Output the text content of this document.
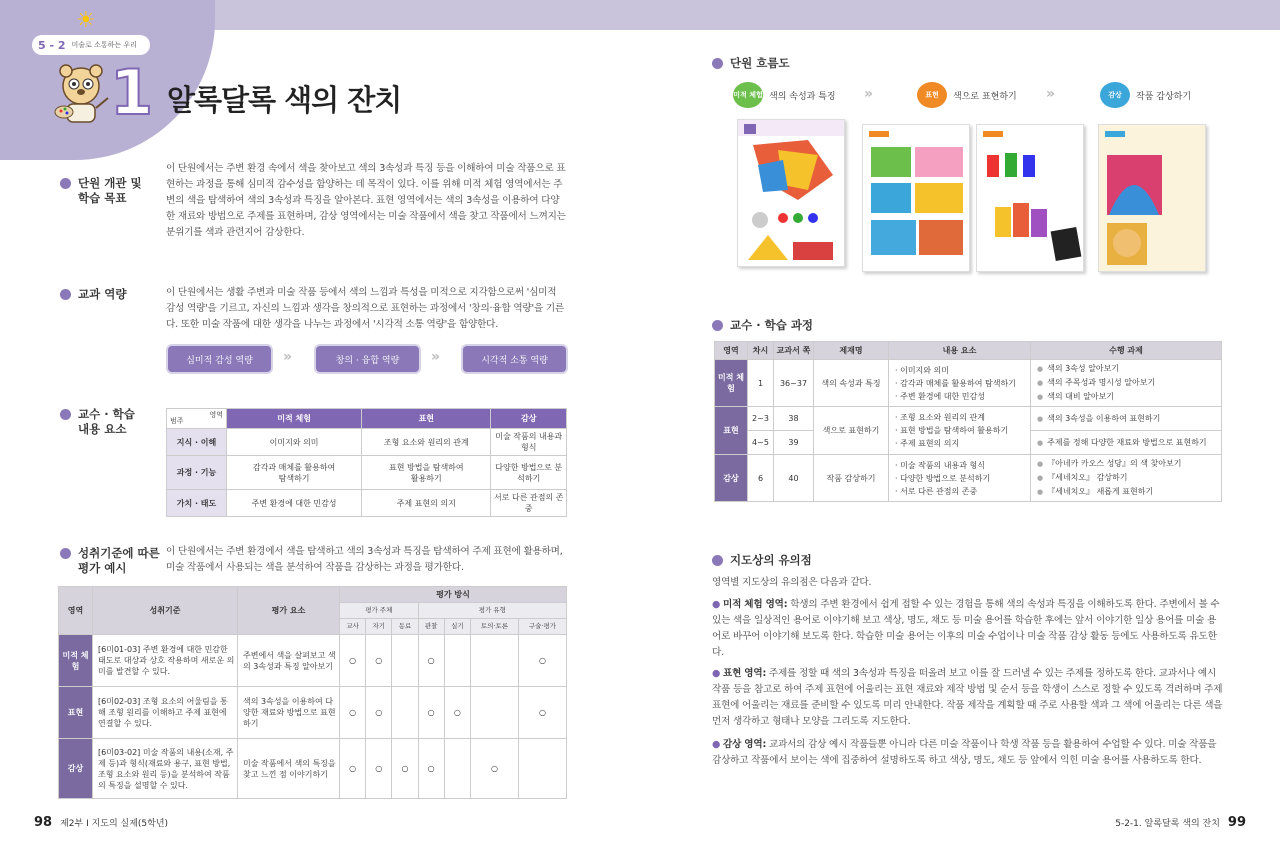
☀
5 - 2 미술로 소통하는 우리
1 알록달록 색의 잔치
단원 개관 및
학습 목표
이 단원에서는 주변 환경 속에서 색을 찾아보고 색의 3속성과 특징 등을 이해하여 미술 작품으로 표현하는 과정을 통해 심미적 감수성을 함양하는 데 목적이 있다. 이를 위해 미적 체험 영역에서는 주변의 색을 탐색하여 색의 3속성과 특징을 알아본다. 표현 영역에서는 색의 3속성을 이용하여 다양한 재료와 방법으로 주제를 표현하며, 감상 영역에서는 미술 작품에서 색을 찾고 작품에서 느껴지는 분위기를 색과 관련지어 감상한다.
교과 역량	이 단원에서는 생활 주변과 미술 작품 등에서 색의 느낌과 특성을 미적으로 지각함으로써 '심미적 감성 역량'을 기르고, 자신의 느낌과 생각을 창의적으로 표현하는 과정에서 '창의·융합 역량'을 기른다. 또한 미술 작품에 대한 생각을 나누는 과정에서 '시각적 소통 역량'을 함양한다.
심미적 감성 역량	»	창의 · 융합 역량	»	시각적 소통 역량
교수 · 학습
내용 요소
영역
범주	미적 체험	표현	감상
지식 · 이해	이미지와 의미	조형 요소와 원리의 관계	미술 작품의 내용과 형식
과정 · 기능	감각과 매체를 활용하여 탐색하기	표현 방법을 탐색하여 활용하기	다양한 방법으로 분석하기
가치 · 태도	주변 환경에 대한 민감성	주제 표현의 의지	서로 다른 관점의 존중
성취기준에 따른
평가 예시
이 단원에서는 주변 환경에서 색을 탐색하고 색의 3속성과 특징을 탐색하여 주제 표현에 활용하며, 미술 작품에서 사용되는 색을 분석하여 작품을 감상하는 과정을 평가한다.
영역	성취기준	평가 요소	평가 방식						
			평가 주체			평가 유형			
			교사	자기	동료	관찰	실기	토의·토론	구술·평가
미적 체험	[6미01-03] 주변 환경에 대한 민감한 태도로 대상과 상호 작용하며 새로운 의미를 발견할 수 있다.	주변에서 색을 살펴보고 색의 3속성과 특징 알아보기	○	○		○			○
표현	[6미02-03] 조형 요소의 어울림을 통해 조형 원리를 이해하고 주제 표현에 연결할 수 있다.	색의 3속성을 이용하여 다양한 재료와 방법으로 표현하기	○	○		○	○		○
감상	[6미03-02] 미술 작품의 내용(소재, 주제 등)과 형식(재료와 용구, 표현 방법, 조형 요소와 원리 등)을 분석하여 작품의 특징을 설명할 수 있다.	미술 작품에서 색의 특징을 찾고 느낀 점 이야기하기	○	○	○	○		○	
단원 흐름도
미적 체험 색의 속성과 특징 »	표현	색으로 표현하기 »	감상	작품 감상하기
교수 · 학습 과정
영역	차시	교과서 쪽	제재명	내용 요소	수행 과제
미적 체험	1	36~37	색의 속성과 특징	· 이미지와 의미
· 감각과 매체를 활용하여 탐색하기
· 주변 환경에 대한 민감성	● 색의 3속성 알아보기
● 색의 주목성과 명시성 알아보기
● 색의 대비 알아보기

표현	2~3	38	색으로 표현하기	· 조형 요소와 원리의 관계
· 표현 방법을 탐색하여 활용하기
· 주제 표현의 의지	● 색의 3속성을 이용하여 표현하기

	4~5	39			● 주제를 정해 다양한 재료와 방법으로 표현하기

감상	6	40	작품 감상하기	· 미술 작품의 내용과 형식
· 다양한 방법으로 분석하기
· 서로 다른 관점의 존중	● 『아네카 카오스 성당』의 색 찾아보기
● 『세네치오』 감상하기
● 『세네치오』 새롭게 표현하기
지도상의 유의점
영역별 지도상의 유의점은 다음과 같다.
● 미적 체험 영역: 학생의 주변 환경에서 쉽게 접할 수 있는 경험을 통해 색의 속성과 특징을 이해하도록 한다. 주변에서 볼 수 있는 색을 일상적인 용어로 이야기해 보고 색상, 명도, 채도 등 미술 용어를 학습한 후에는 앞서 이야기한 일상 용어를 미술 용어로 바꾸어 이야기해 보도록 한다. 학습한 미술 용어는 이후의 미술 수업이나 미술 작품 감상 활동 등에도 사용하도록 유도한다.
● 표현 영역: 주제를 정할 때 색의 3속성과 특징을 떠올려 보고 이를 잘 드러낼 수 있는 주제를 정하도록 한다. 교과서나 예시 작품 등을 참고로 하여 주제 표현에 어울리는 표현 재료와 제작 방법 및 순서 등을 학생이 스스로 정할 수 있도록 격려하며 주제 표현에 어울리는 재료를 준비할 수 있도록 미리 안내한다. 작품 제작을 계획할 때 주로 사용할 색과 그 색에 어울리는 다른 색을 먼저 생각하고 형태나 모양을 그리도록 지도한다.
● 감상 영역: 교과서의 감상 예시 작품들뿐 아니라 다른 미술 작품이나 학생 작품 등을 활용하여 수업할 수 있다. 미술 작품을 감상하고 작품에서 보이는 색에 집중하여 설명하도록 하고 색상, 명도, 채도 등 앞에서 익힌 미술 용어를 사용하도록 한다.
98 제2부 Ⅰ 지도의 실제(5학년)	5-2-1. 알록달록 색의 잔치 99
